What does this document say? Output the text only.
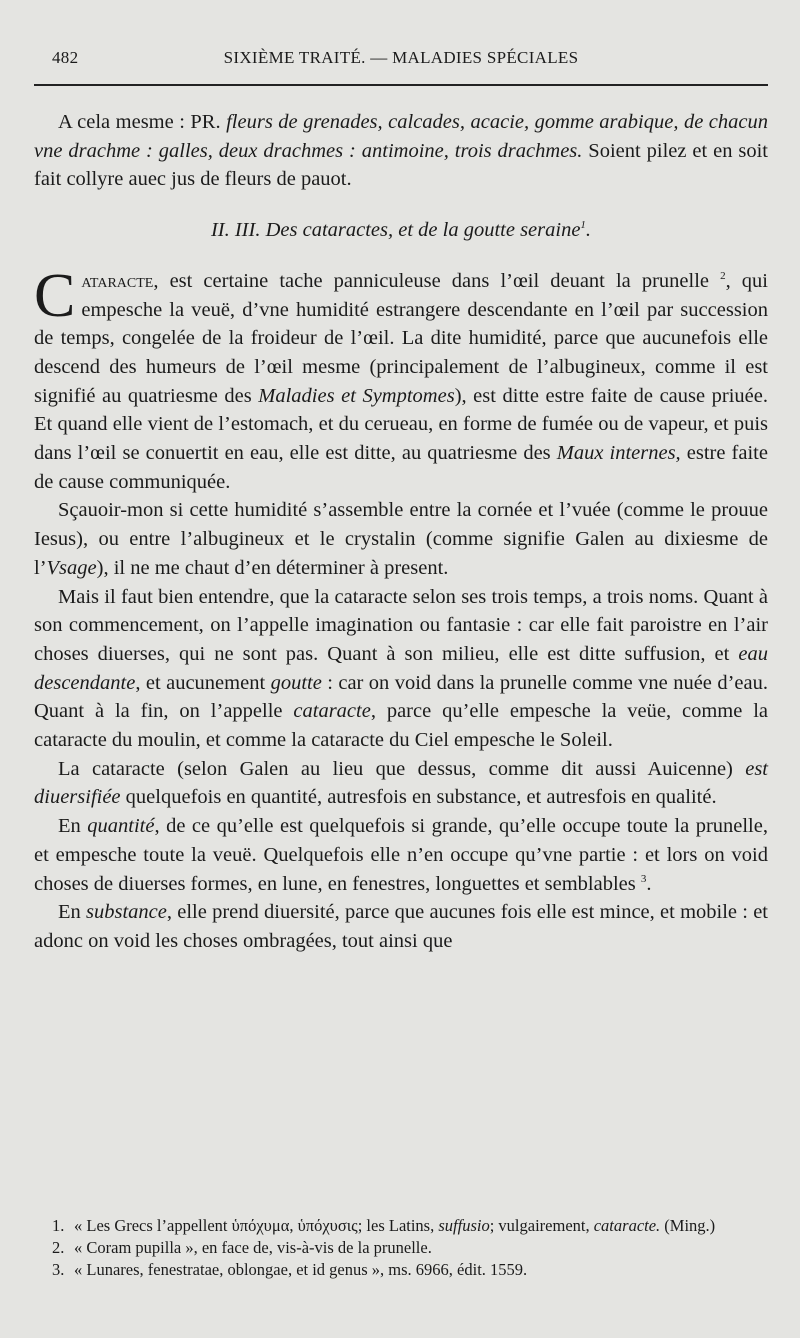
482	SIXIÈME TRAITÉ. — MALADIES SPÉCIALES

A cela mesme : PR. fleurs de grenades, calcades, acacie, gomme arabique, de chacun vne drachme : galles, deux drachmes : antimoine, trois drachmes. Soient pilez et en soit fait collyre auec jus de fleurs de pauot.

II. III. Des cataractes, et de la goutte seraine$^1$.

Cataracte, est certaine tache panniculeuse dans l’œil deuant la prunelle $^2$, qui empesche la veuë, d’vne humidité estrangere descendante en l’œil par succession de temps, congelée de la froideur de l’œil. La dite humidité, parce que aucunefois elle descend des humeurs de l’œil mesme (principalement de l’albugineux, comme il est signifié au quatriesme des Maladies et Symptomes), est ditte estre faite de cause priuée. Et quand elle vient de l’estomach, et du cerueau, en forme de fumée ou de vapeur, et puis dans l’œil se conuertit en eau, elle est ditte, au quatriesme des Maux internes, estre faite de cause communiquée.

Sçauoir-mon si cette humidité s’assemble entre la cornée et l’vuée (comme le prouue Iesus), ou entre l’albugineux et le crystalin (comme signifie Galen au dixiesme de l’Vsage), il ne me chaut d’en déterminer à present.

Mais il faut bien entendre, que la cataracte selon ses trois temps, a trois noms. Quant à son commencement, on l’appelle imagination ou fantasie : car elle fait paroistre en l’air choses diuerses, qui ne sont pas. Quant à son milieu, elle est ditte suffusion, et eau descendante, et aucunement goutte : car on void dans la prunelle comme vne nuée d’eau. Quant à la fin, on l’appelle cataracte, parce qu’elle empesche la veüe, comme la cataracte du moulin, et comme la cataracte du Ciel empesche le Soleil.

La cataracte (selon Galen au lieu que dessus, comme dit aussi Auicenne) est diuersifiée quelquefois en quantité, autresfois en substance, et autresfois en qualité.

En quantité, de ce qu’elle est quelquefois si grande, qu’elle occupe toute la prunelle, et empesche toute la veuë. Quelquefois elle n’en occupe qu’vne partie : et lors on void choses de diuerses formes, en lune, en fenestres, longuettes et semblables $^3$.

En substance, elle prend diuersité, parce que aucunes fois elle est mince, et mobile : et adonc on void les choses ombragées, tout ainsi que

1. « Les Grecs l’appellent ὑπόχυμα, ὑπόχυσις; les Latins, suffusio; vulgairement, cataracte. (Ming.)

2. « Coram pupilla », en face de, vis-à-vis de la prunelle.

3. « Lunares, fenestratae, oblongae, et id genus », ms. 6966, édit. 1559.
